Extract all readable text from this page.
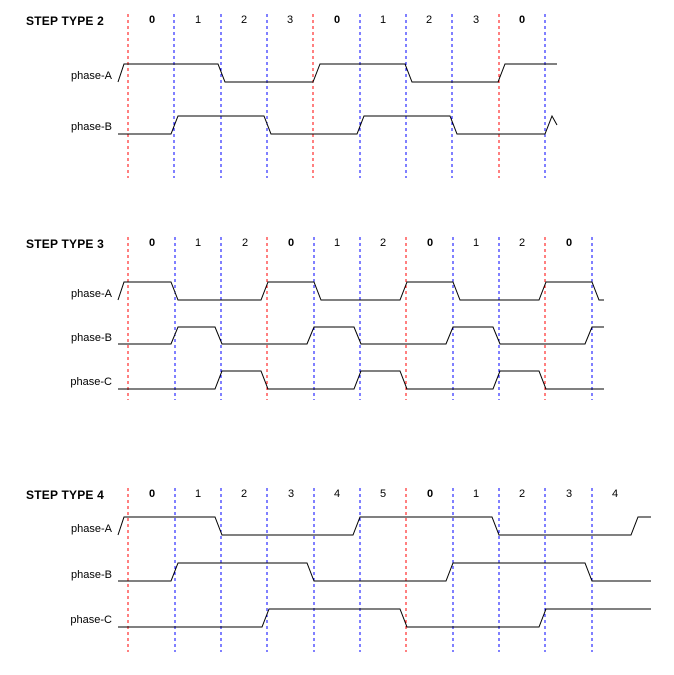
phase-A
phase-B
STEP TYPE 2	0	1	2	3	0	1	2	3	0
phase-A
phase-B
phase-C
STEP TYPE 3	0	1	2	0	1	2	0	1	2	0
phase-A
phase-B
phase-C
STEP TYPE 4	0	1	2	3	4	5	0	1	2	3	4
